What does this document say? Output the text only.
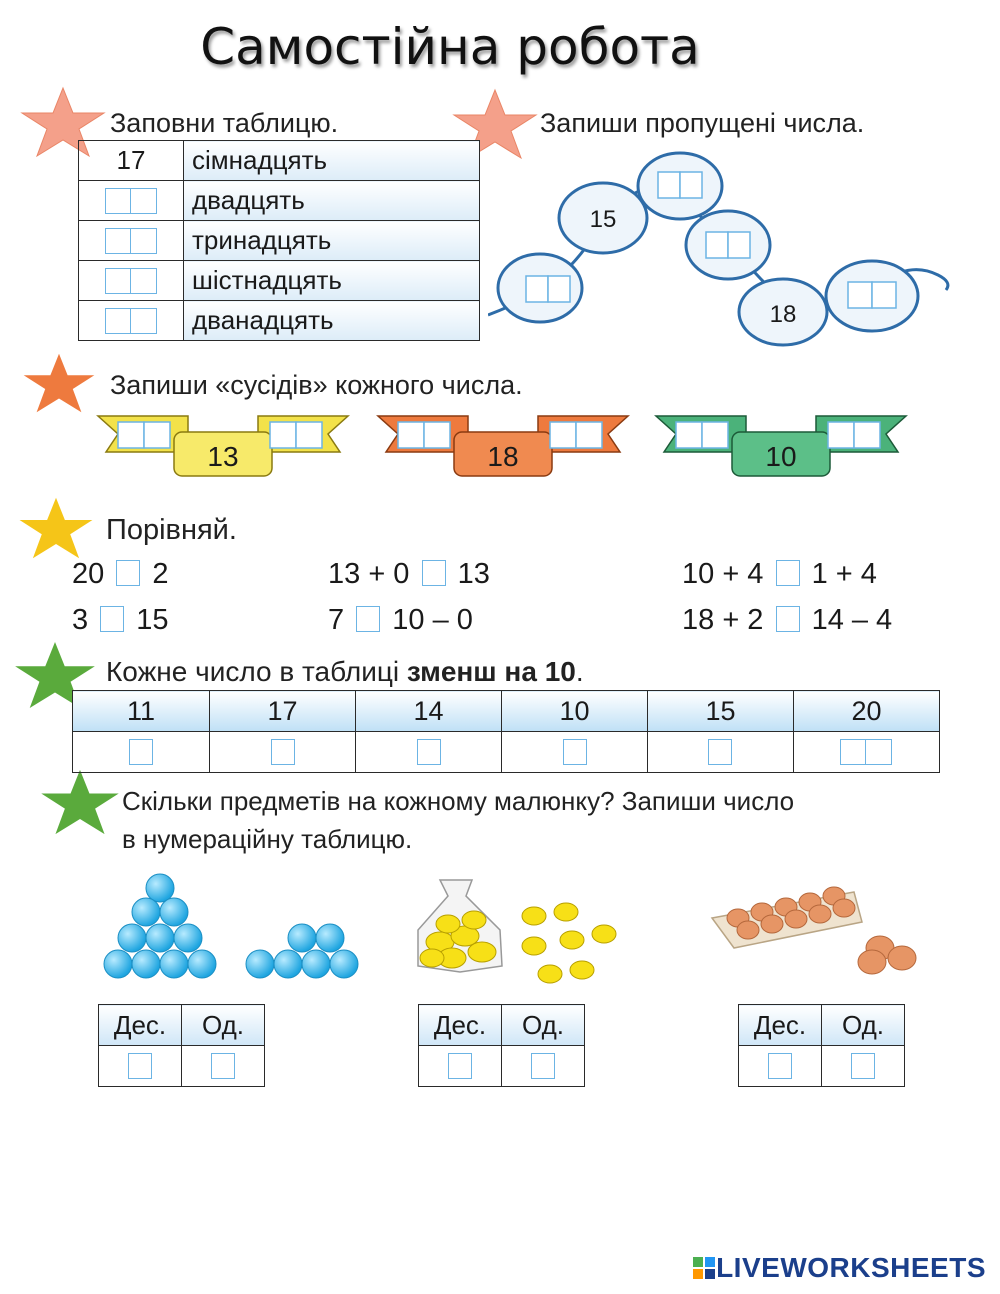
Самостійна робота
Заповни таблицю.
17	сімнадцять

	двадцять

	тринадцять

	шістнадцять

	дванадцять
Запиши пропущені числа.
15
18
Запиши «сусідів» кожного числа.
13	18	10
Порівняй.
20 2	13 + 0 13	10 + 4 1 + 4
3 15	7 10 – 0	18 + 2 14 – 4
Кожне число в таблиці зменш на 10.
11	17	14	10	15	20

Скільки предметів на кожному малюнку? Запиши число
в нумераційну таблицю.
Дес.	Од.

		Дес.	Од.

		Дес.	Од.

LIVEWORKSHEETS
